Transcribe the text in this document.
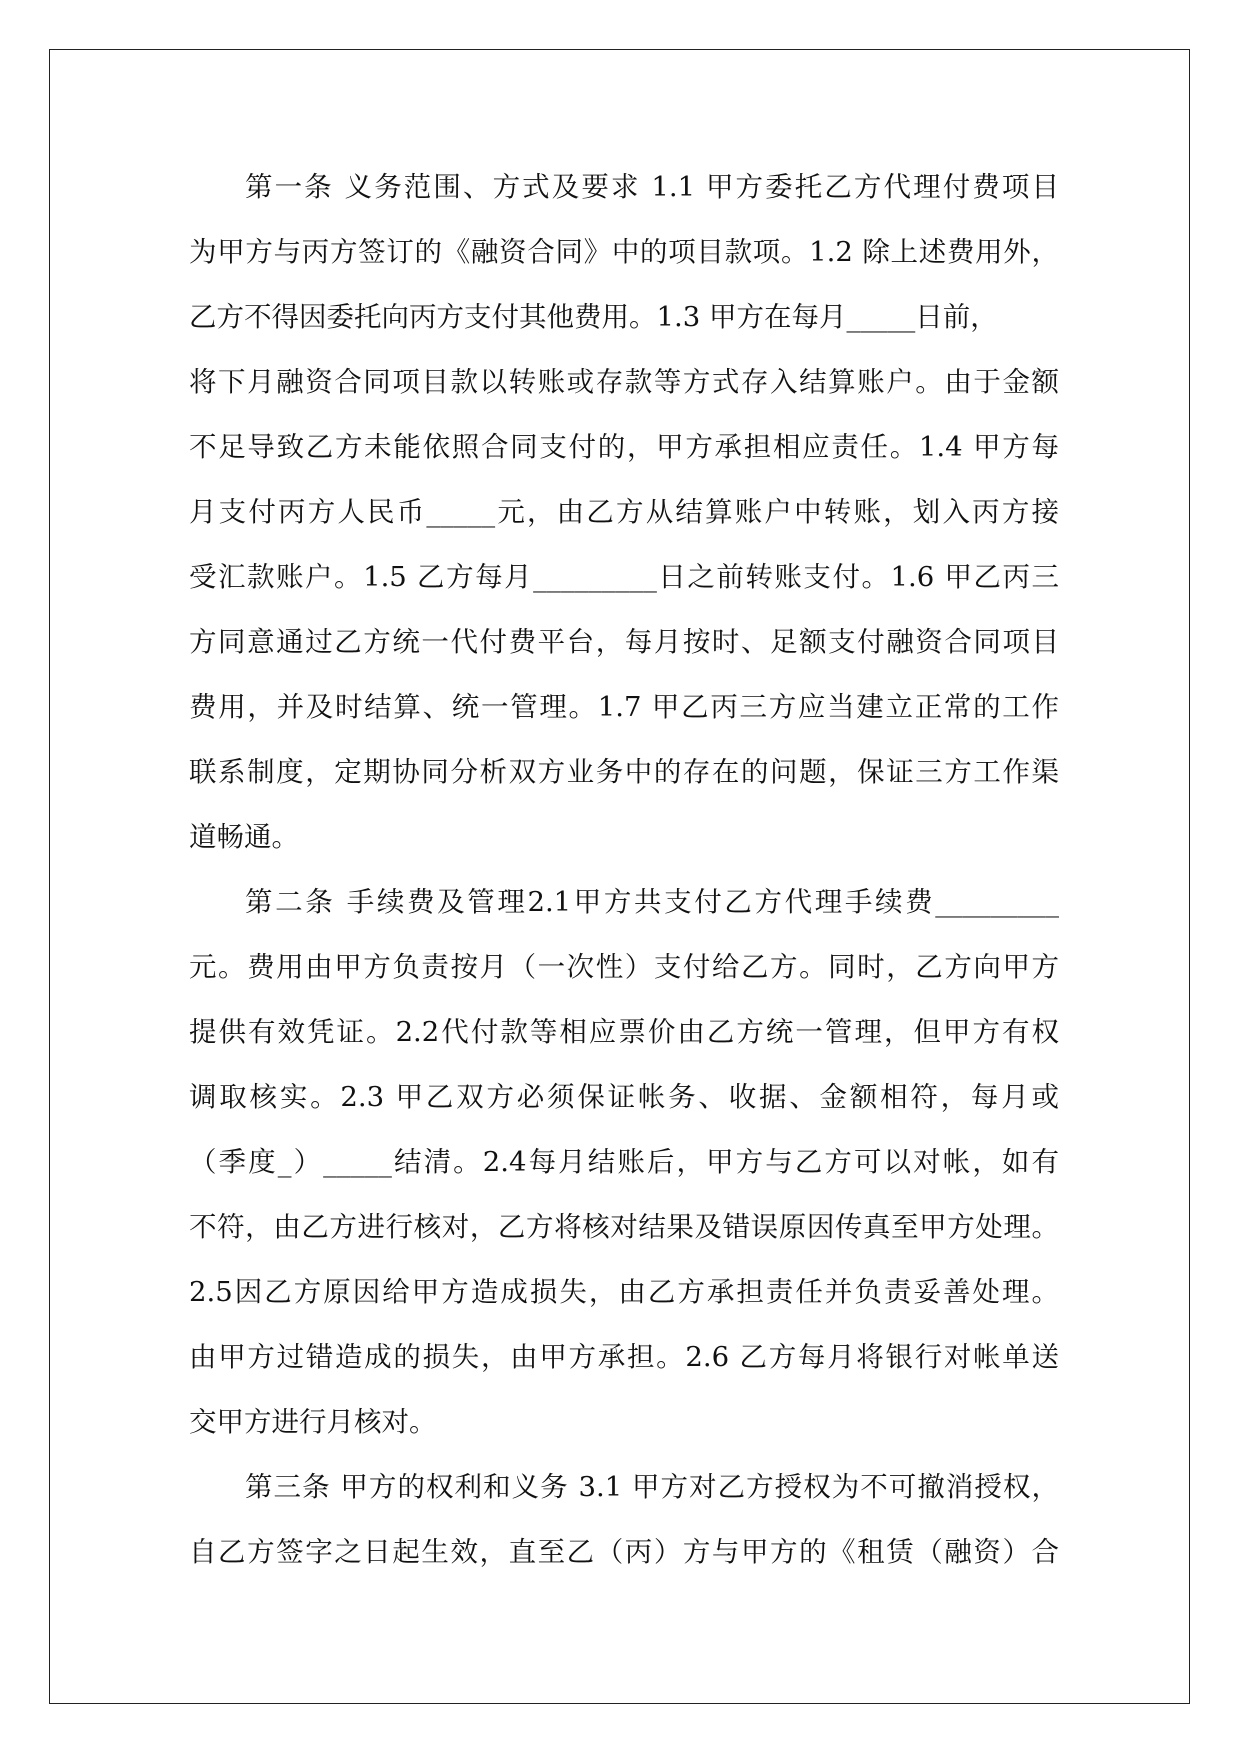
第一条 义务范围、方式及要求 1.1 甲方委托乙方代理付费项目
为甲方与丙方签订的《融资合同》中的项目款项。1.2 除上述费用外，
乙方不得因委托向丙方支付其他费用。1.3 甲方在每月_____日前，
将下月融资合同项目款以转账或存款等方式存入结算账户。由于金额
不足导致乙方未能依照合同支付的，甲方承担相应责任。1.4 甲方每
月支付丙方人民币_____元，由乙方从结算账户中转账，划入丙方接
受汇款账户。1.5 乙方每月_________日之前转账支付。1.6 甲乙丙三
方同意通过乙方统一代付费平台，每月按时、足额支付融资合同项目
费用，并及时结算、统一管理。1.7 甲乙丙三方应当建立正常的工作
联系制度，定期协同分析双方业务中的存在的问题，保证三方工作渠
道畅通。
第二条 手续费及管理2.1甲方共支付乙方代理手续费_________
元。费用由甲方负责按月（一次性）支付给乙方。同时，乙方向甲方
提供有效凭证。2.2代付款等相应票价由乙方统一管理，但甲方有权
调取核实。2.3 甲乙双方必须保证帐务、收据、金额相符，每月或
（季度_）_____结清。2.4每月结账后，甲方与乙方可以对帐，如有
不符，由乙方进行核对，乙方将核对结果及错误原因传真至甲方处理。
2.5因乙方原因给甲方造成损失，由乙方承担责任并负责妥善处理。
由甲方过错造成的损失，由甲方承担。2.6 乙方每月将银行对帐单送
交甲方进行月核对。
第三条 甲方的权利和义务 3.1 甲方对乙方授权为不可撤消授权，
自乙方签字之日起生效，直至乙（丙）方与甲方的《租赁（融资）合
